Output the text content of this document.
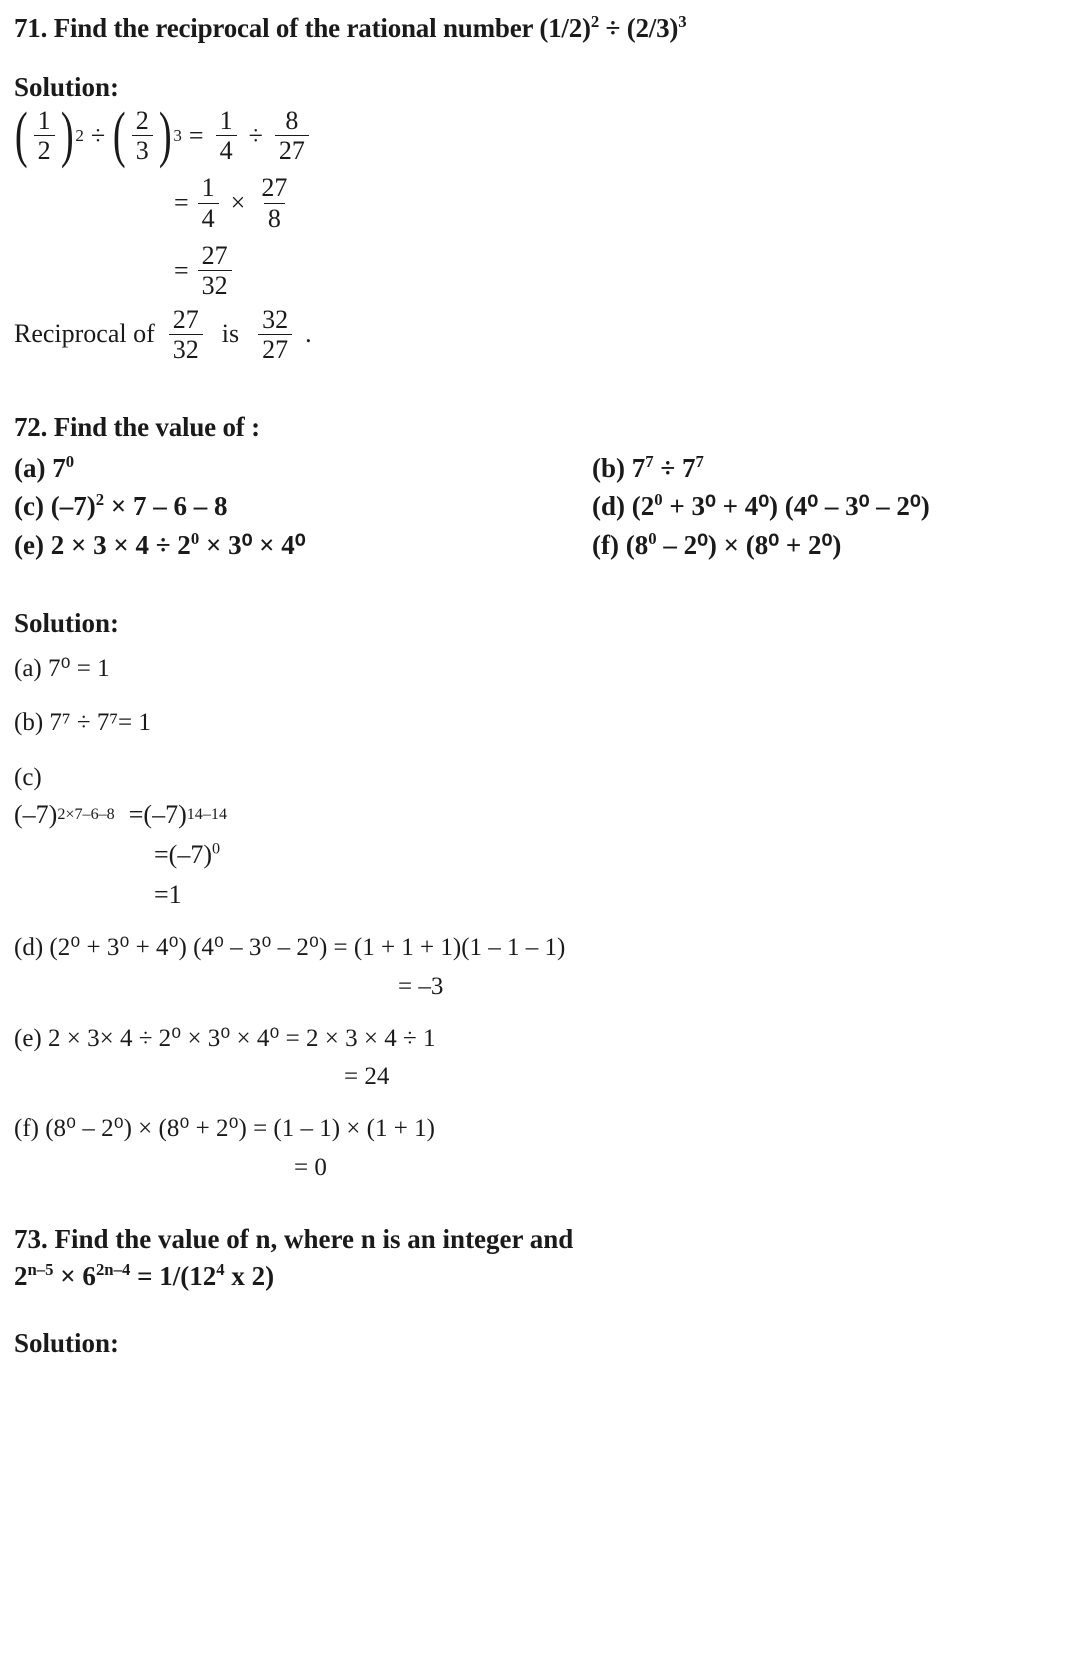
71. Find the reciprocal of the rational number $(1/2)^2 \div (2/3)^3$
Solution:
( $\frac{1}{2}$ ) 2 ÷ ( $\frac{2}{3}$ ) $3 = \frac{1}{4} \div \frac{8}{27}$
= $\frac{1}{4} \times \frac{27}{8}$
= $\frac{27}{32}$
Reciprocal of $\frac{27}{32}$ is $\frac{32}{27}$ .
72. Find the value of :
(a) $7^0$	(b) $7^7 \div 7^7$
(c) $(-7)^2 \times 7 - 6 - 8$	(d) $(2^0 + 3^0 + 4^0)$ (4⁰ – 3⁰ – 2⁰)
(e) $2 \times 3 \times 4 \div 2^0 \times 3^0 \times 4^0$	(f) $(8^0 - 2^0) \times (8^0 + 2^0)$
Solution:
(a) 7⁰ = 1
(b) 7⁷ ÷ 7⁷= 1
(c)
(–7) 2×7–6–8 =(–7) 14–14
$=(-7)^0$
=1
(d) (2⁰ + 3⁰ + 4⁰) (4⁰ – 3⁰ – 2⁰) = (1 + 1 + 1)(1 – 1 – 1)
= –3
(e) 2 × 3× 4 ÷ 2⁰ × 3⁰ × 4⁰ = 2 × 3 × 4 ÷ 1
= 24
(f) (8⁰ – 2⁰) × (8⁰ + 2⁰) = (1 – 1) × (1 + 1)
= 0
73. Find the value of n, where n is an integer and
$2^{n-5} \times 6^{2n-4} = 1/(12^4$ x 2)
Solution:
